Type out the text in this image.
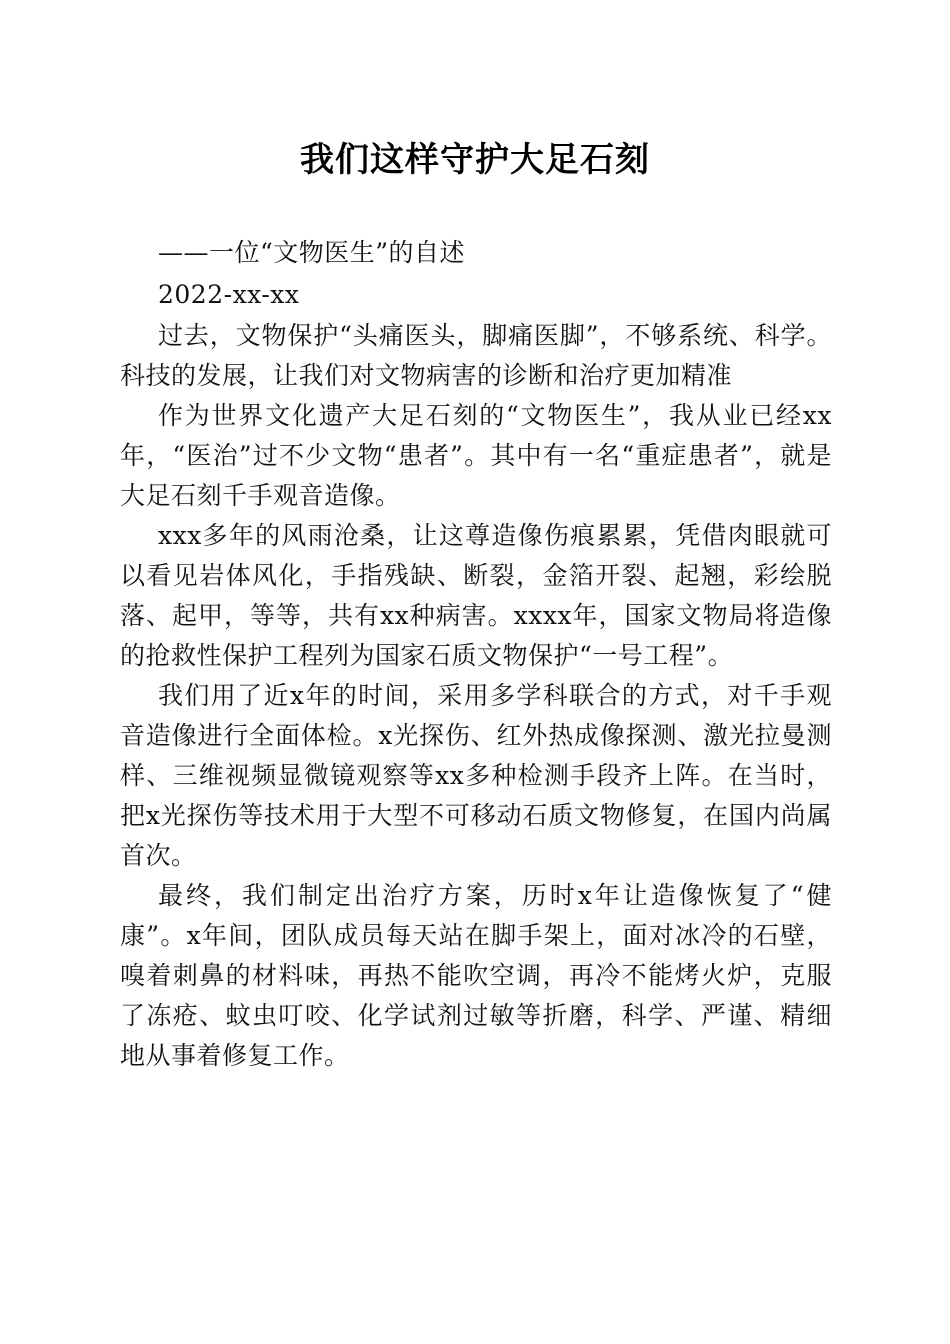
我们这样守护大足石刻

——一位“文物医生”的自述

2022-xx-xx

过去，文物保护“头痛医头，脚痛医脚”，不够系统、科学。科技的发展，让我们对文物病害的诊断和治疗更加精准

作为世界文化遗产大足石刻的“文物医生”，我从业已经xx年，“医治”过不少文物“患者”。其中有一名“重症患者”，就是大足石刻千手观音造像。

xxx多年的风雨沧桑，让这尊造像伤痕累累，凭借肉眼就可以看见岩体风化，手指残缺、断裂，金箔开裂、起翘，彩绘脱落、起甲，等等，共有xx种病害。xxxx年，国家文物局将造像的抢救性保护工程列为国家石质文物保护“一号工程”。

我们用了近x年的时间，采用多学科联合的方式，对千手观音造像进行全面体检。x光探伤、红外热成像探测、激光拉曼测样、三维视频显微镜观察等xx多种检测手段齐上阵。在当时，把x光探伤等技术用于大型不可移动石质文物修复，在国内尚属首次。

最终，我们制定出治疗方案，历时x年让造像恢复了“健康”。x年间，团队成员每天站在脚手架上，面对冰冷的石壁，嗅着刺鼻的材料味，再热不能吹空调，再冷不能烤火炉，克服了冻疮、蚊虫叮咬、化学试剂过敏等折磨，科学、严谨、精细地从事着修复工作。
